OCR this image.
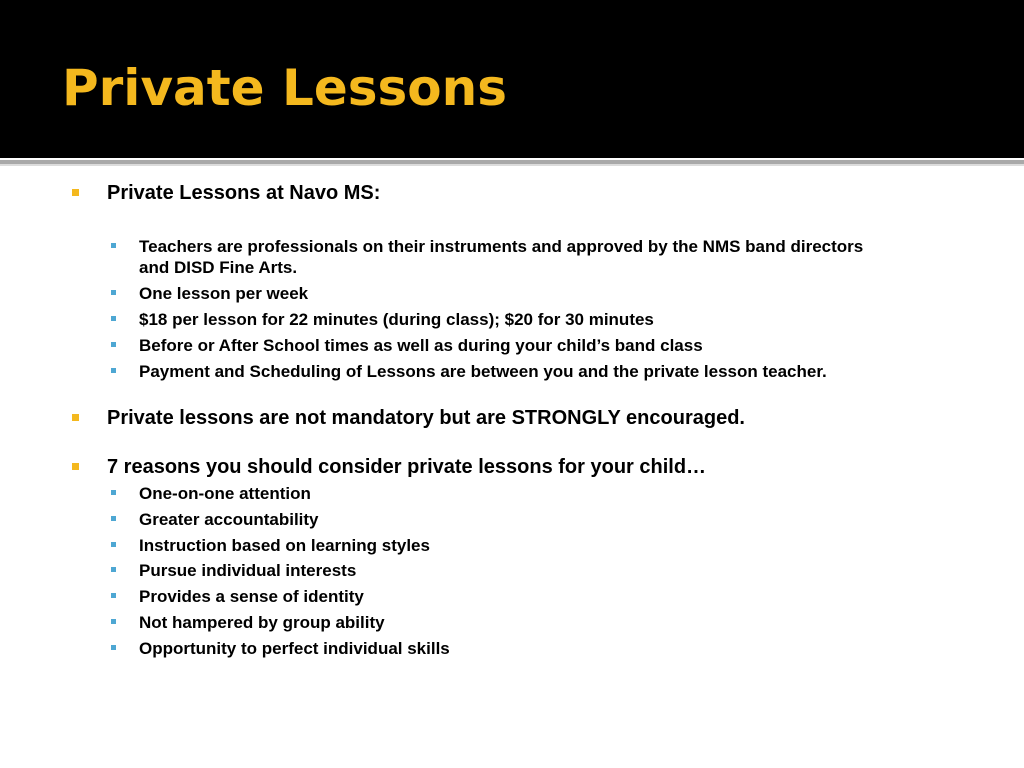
Private Lessons
Private Lessons at Navo MS:
Teachers are professionals on their instruments and approved by the NMS band directors
and DISD Fine Arts.
One lesson per week
$18 per lesson for 22 minutes (during class); $20 for 30 minutes
Before or After School times as well as during your child’s band class
Payment and Scheduling of Lessons are between you and the private lesson teacher.
Private lessons are not mandatory but are STRONGLY encouraged.
7 reasons you should consider private lessons for your child…
One-on-one attention
Greater accountability
Instruction based on learning styles
Pursue individual interests
Provides a sense of identity
Not hampered by group ability
Opportunity to perfect individual skills
